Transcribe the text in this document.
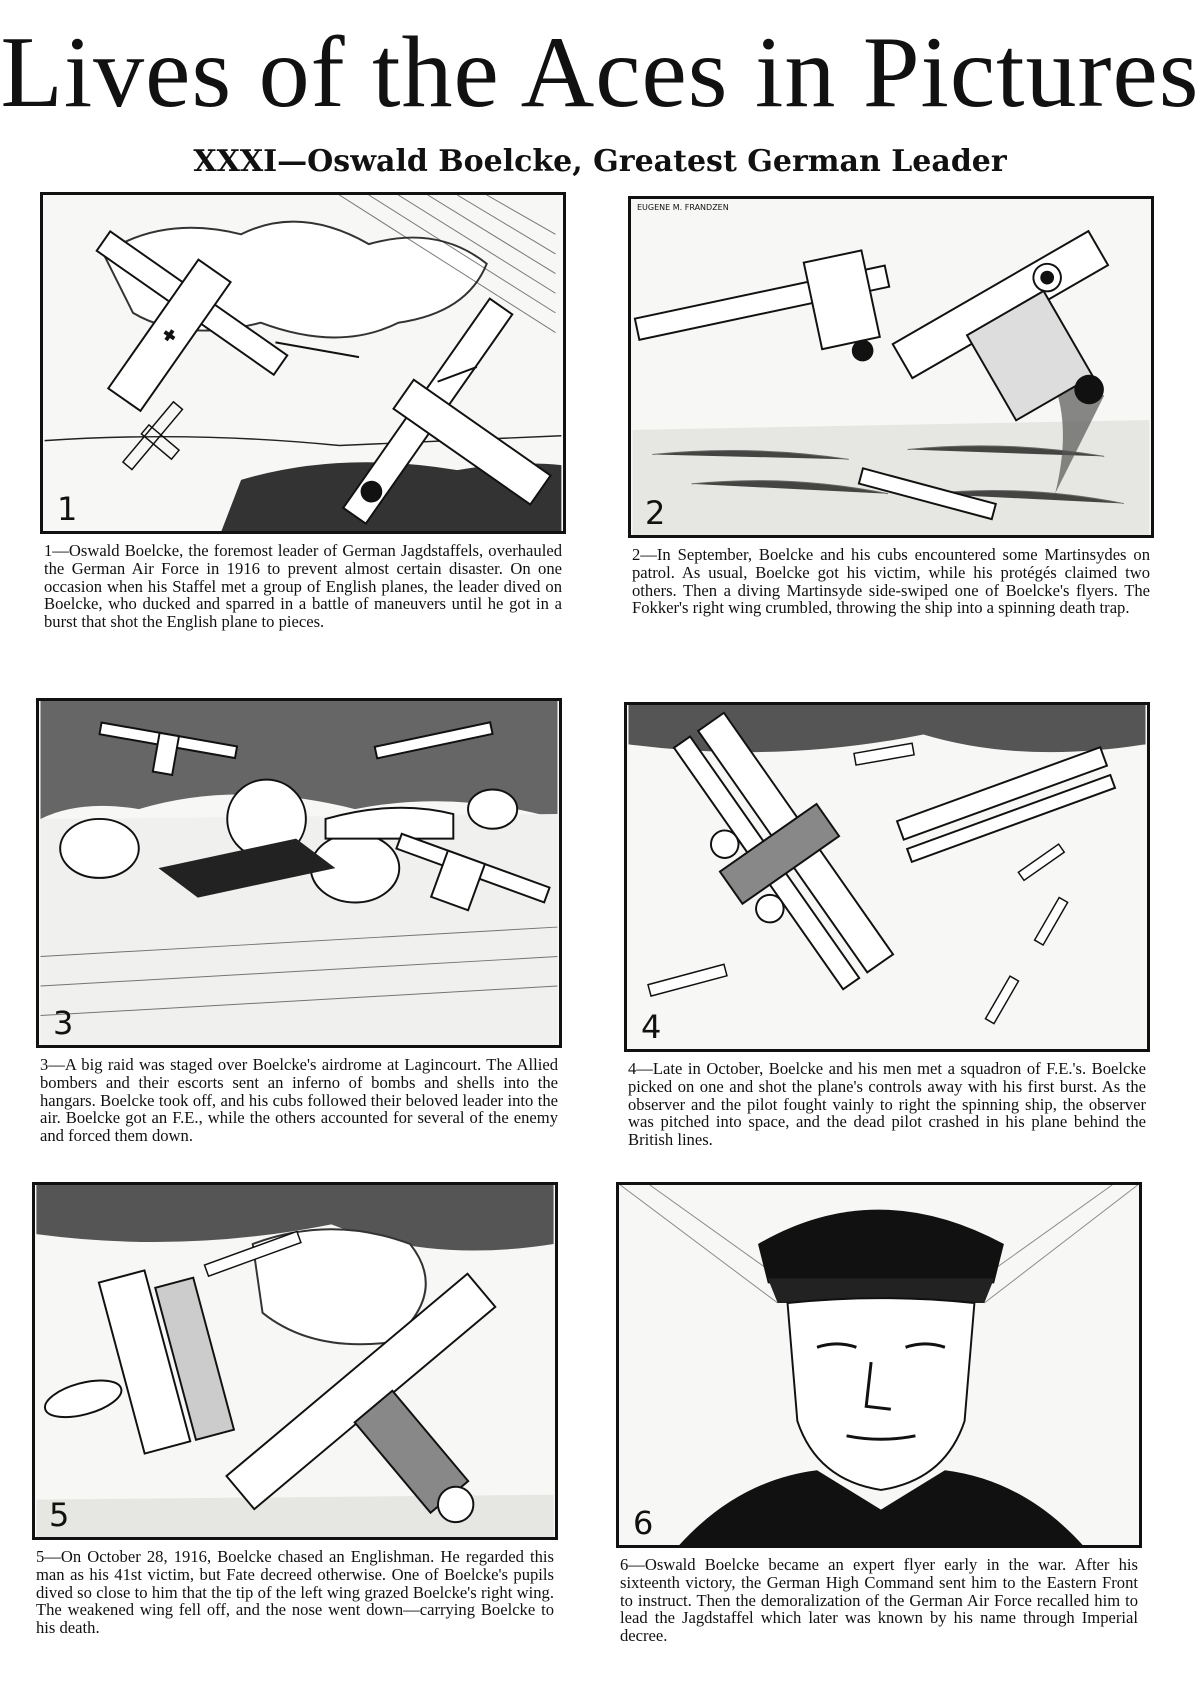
Lives of the Aces in Pictures
XXXI—Oswald Boelcke, Greatest German Leader
1
1—Oswald Boelcke, the foremost leader of German Jagdstaffels, overhauled the German Air Force in 1916 to prevent almost certain disaster. On one occasion when his Staffel met a group of English planes, the leader dived on Boelcke, who ducked and sparred in a battle of maneuvers until he got in a burst that shot the English plane to pieces.
EUGENE M. FRANDZEN
2
2—In September, Boelcke and his cubs encountered some Martinsydes on patrol. As usual, Boelcke got his victim, while his protégés claimed two others. Then a diving Martinsyde side-swiped one of Boelcke's flyers. The Fokker's right wing crumbled, throwing the ship into a spinning death trap.
3
3—A big raid was staged over Boelcke's airdrome at Lagincourt. The Allied bombers and their escorts sent an inferno of bombs and shells into the hangars. Boelcke took off, and his cubs followed their beloved leader into the air. Boelcke got an F.E., while the others accounted for several of the enemy and forced them down.
4
4—Late in October, Boelcke and his men met a squadron of F.E.'s. Boelcke picked on one and shot the plane's controls away with his first burst. As the observer and the pilot fought vainly to right the spinning ship, the observer was pitched into space, and the dead pilot crashed in his plane behind the British lines.
5
5—On October 28, 1916, Boelcke chased an Englishman. He regarded this man as his 41st victim, but Fate decreed otherwise. One of Boelcke's pupils dived so close to him that the tip of the left wing grazed Boelcke's right wing. The weakened wing fell off, and the nose went down—carrying Boelcke to his death.
6
6—Oswald Boelcke became an expert flyer early in the war. After his sixteenth victory, the German High Command sent him to the Eastern Front to instruct. Then the demoralization of the German Air Force recalled him to lead the Jagdstaffel which later was known by his name through Imperial decree.
